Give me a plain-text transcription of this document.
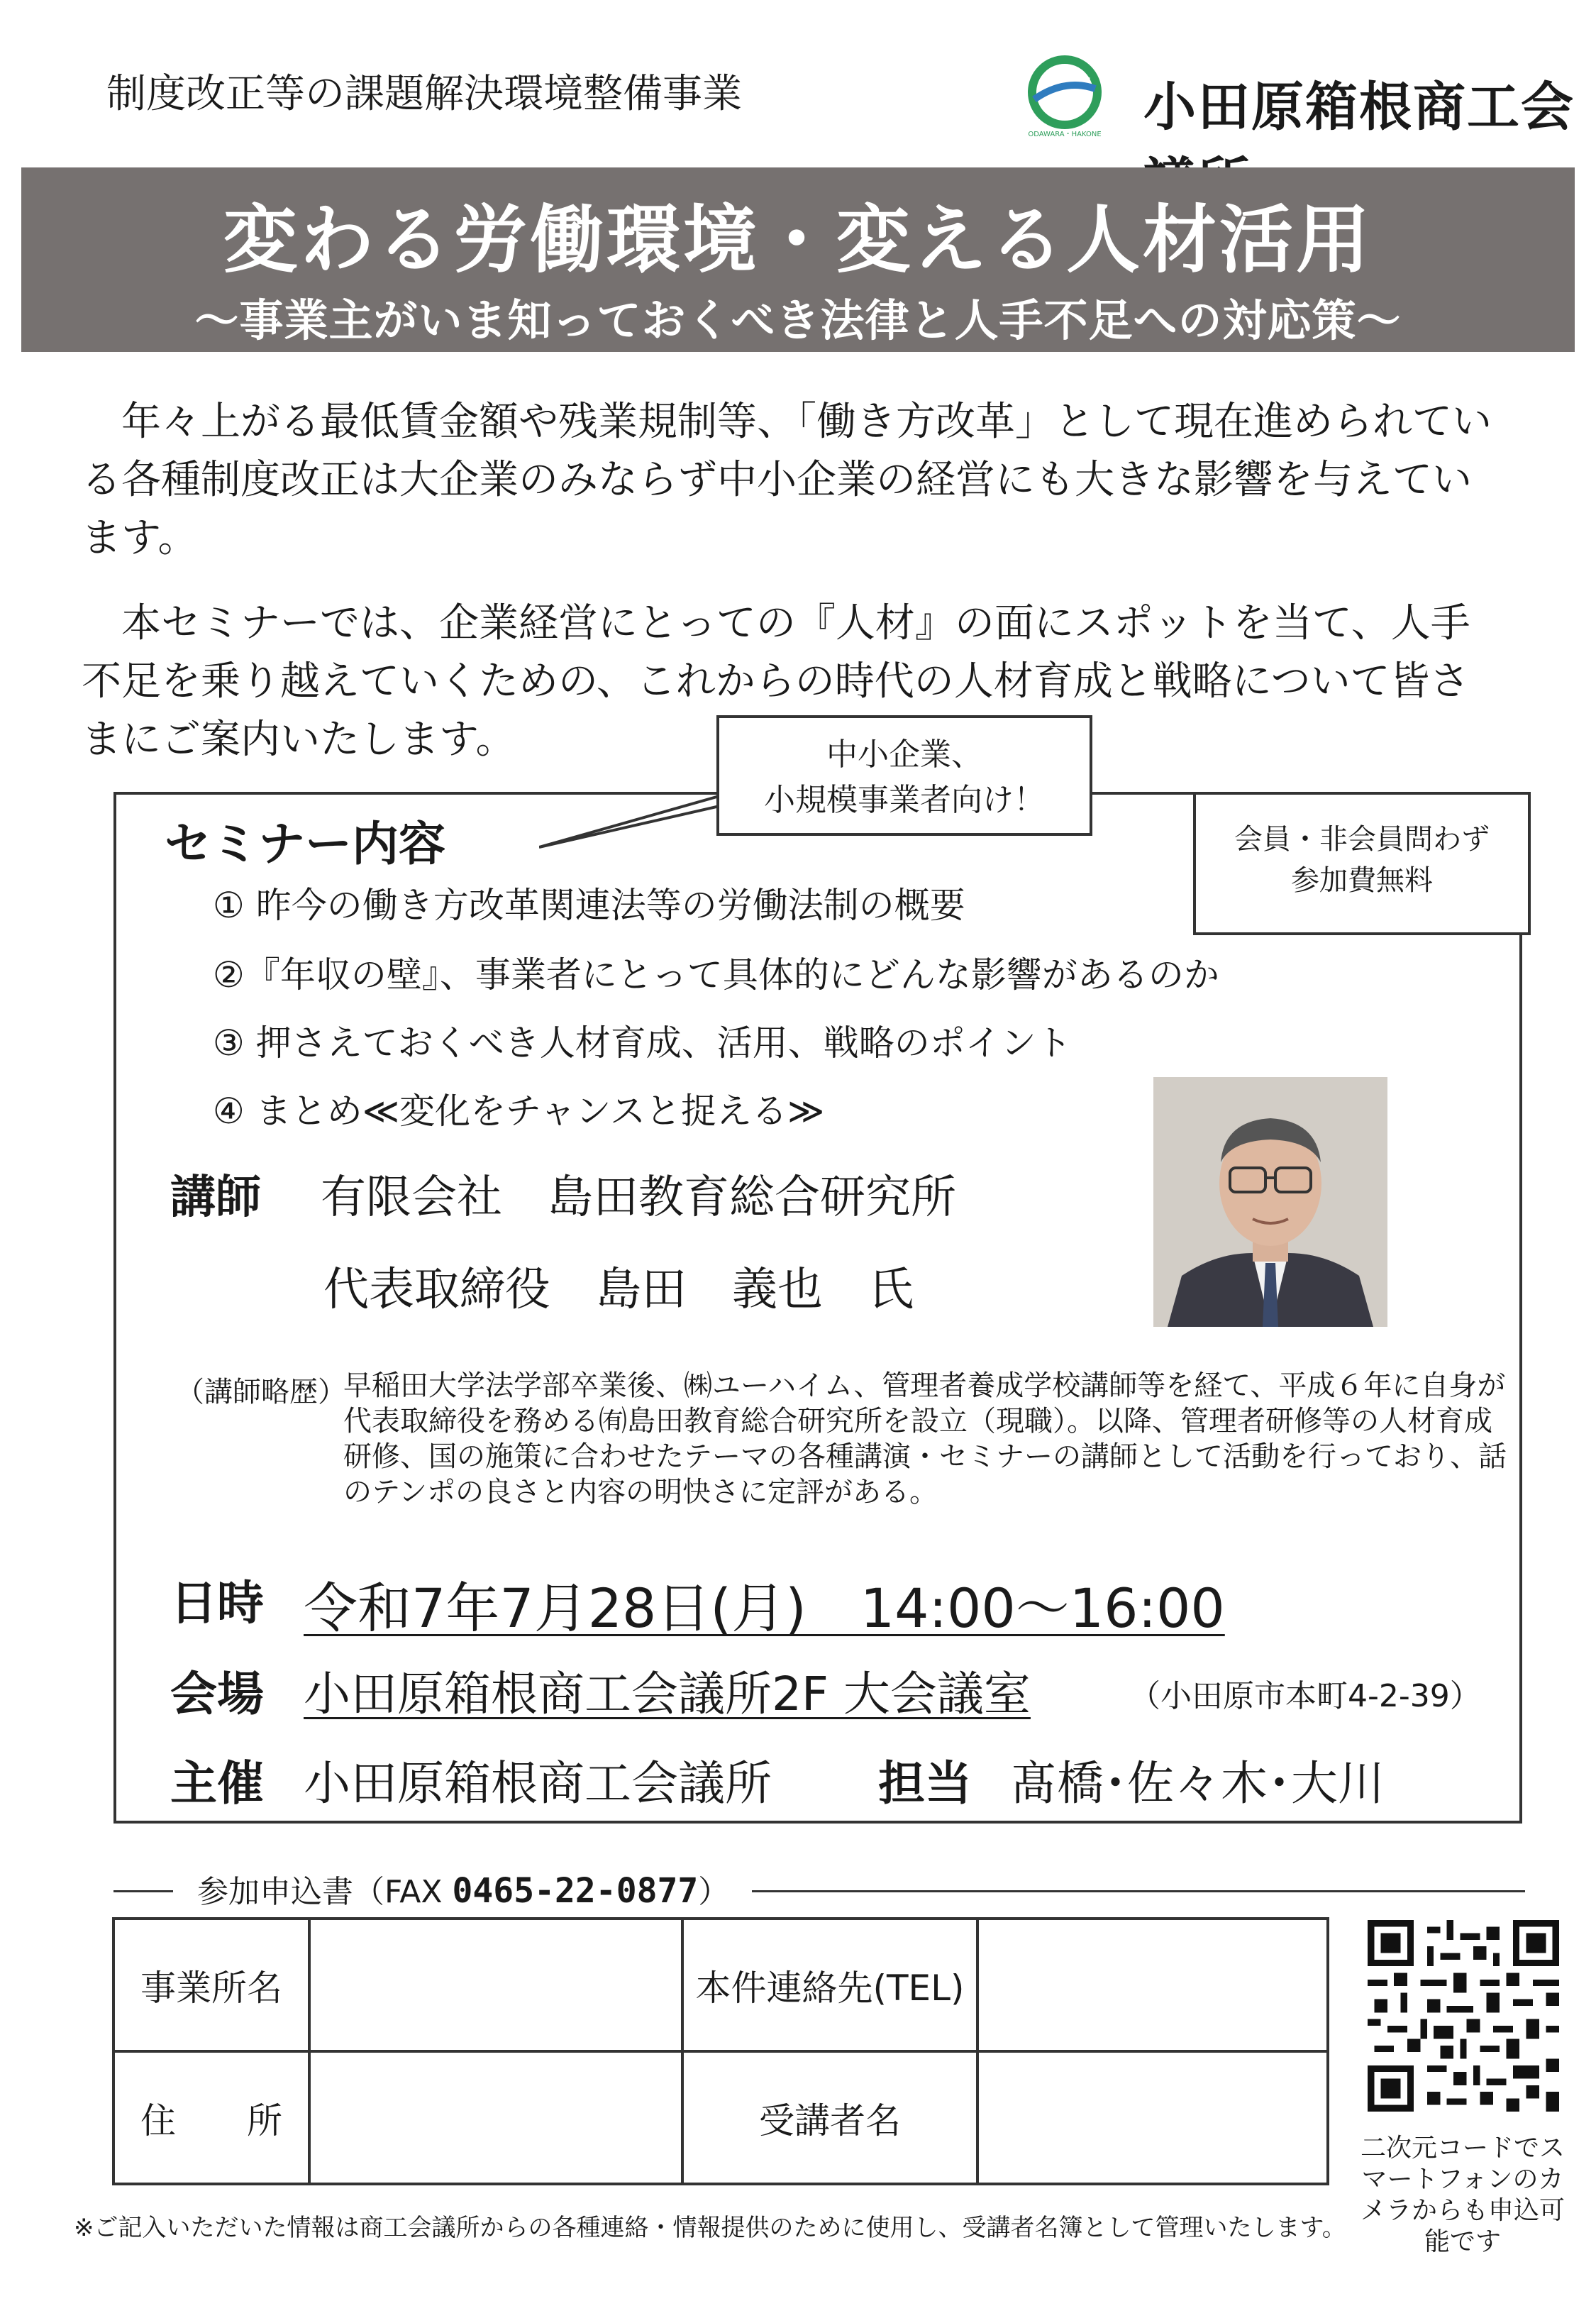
制度改正等の課題解決環境整備事業
ODAWARA・HAKONE 小田原箱根商工会
変わる労働環境・変える人材活用
～事業主がいま知っておくべき法律と人手不足への対応策～
年々上がる最低賃金額や残業規制等、「働き方改革」として現在進められている各種制度改正は大企業のみならず中小企業の経営にも大きな影響を与えています。
本セミナーでは、企業経営にとっての『人材』の面にスポットを当て、人手不足を乗り越えていくための、これからの時代の人材育成と戦略について皆さまにご案内いたします。	中小企業、
小規模事業者向け！
会員・非会員問わず
参加費無料
セミナー内容
① 昨今の働き方改革関連法等の労働法制の概要
②『年収の壁』、事業者にとって具体的にどんな影響があるのか
③ 押さえておくべき人材育成、活用、戦略のポイント
④ まとめ≪変化をチャンスと捉える≫
講師 有限会社　島田教育総合研究所
代表取締役　島田　義也　氏
（講師略歴）
早稲田大学法学部卒業後、㈱ユーハイム、管理者養成学校講師等を経て、平成６年に自身が代表取締役を務める㈲島田教育総合研究所を設立（現職）。以降、管理者研修等の人材育成研修、国の施策に合わせたテーマの各種講演・セミナーの講師として活動を行っており、話のテンポの良さと内容の明快さに定評がある。
日時 令和7年7月28日(月)　14:00～16:00
会場 小田原箱根商工会議所2F 大会議室	（小田原市本町4-2-39）
主催 小田原箱根商工会議所 担当 髙橋･佐々木･大川
参加申込書（FAX 0465-22-0877）
事業所名		本件連絡先(TEL)	
住　　所		受講者名	
二次元コードでスマートフォンのカメラからも申込可能です
※ご記入いただいた情報は商工会議所からの各種連絡・情報提供のために使用し、受講者名簿として管理いたします。
